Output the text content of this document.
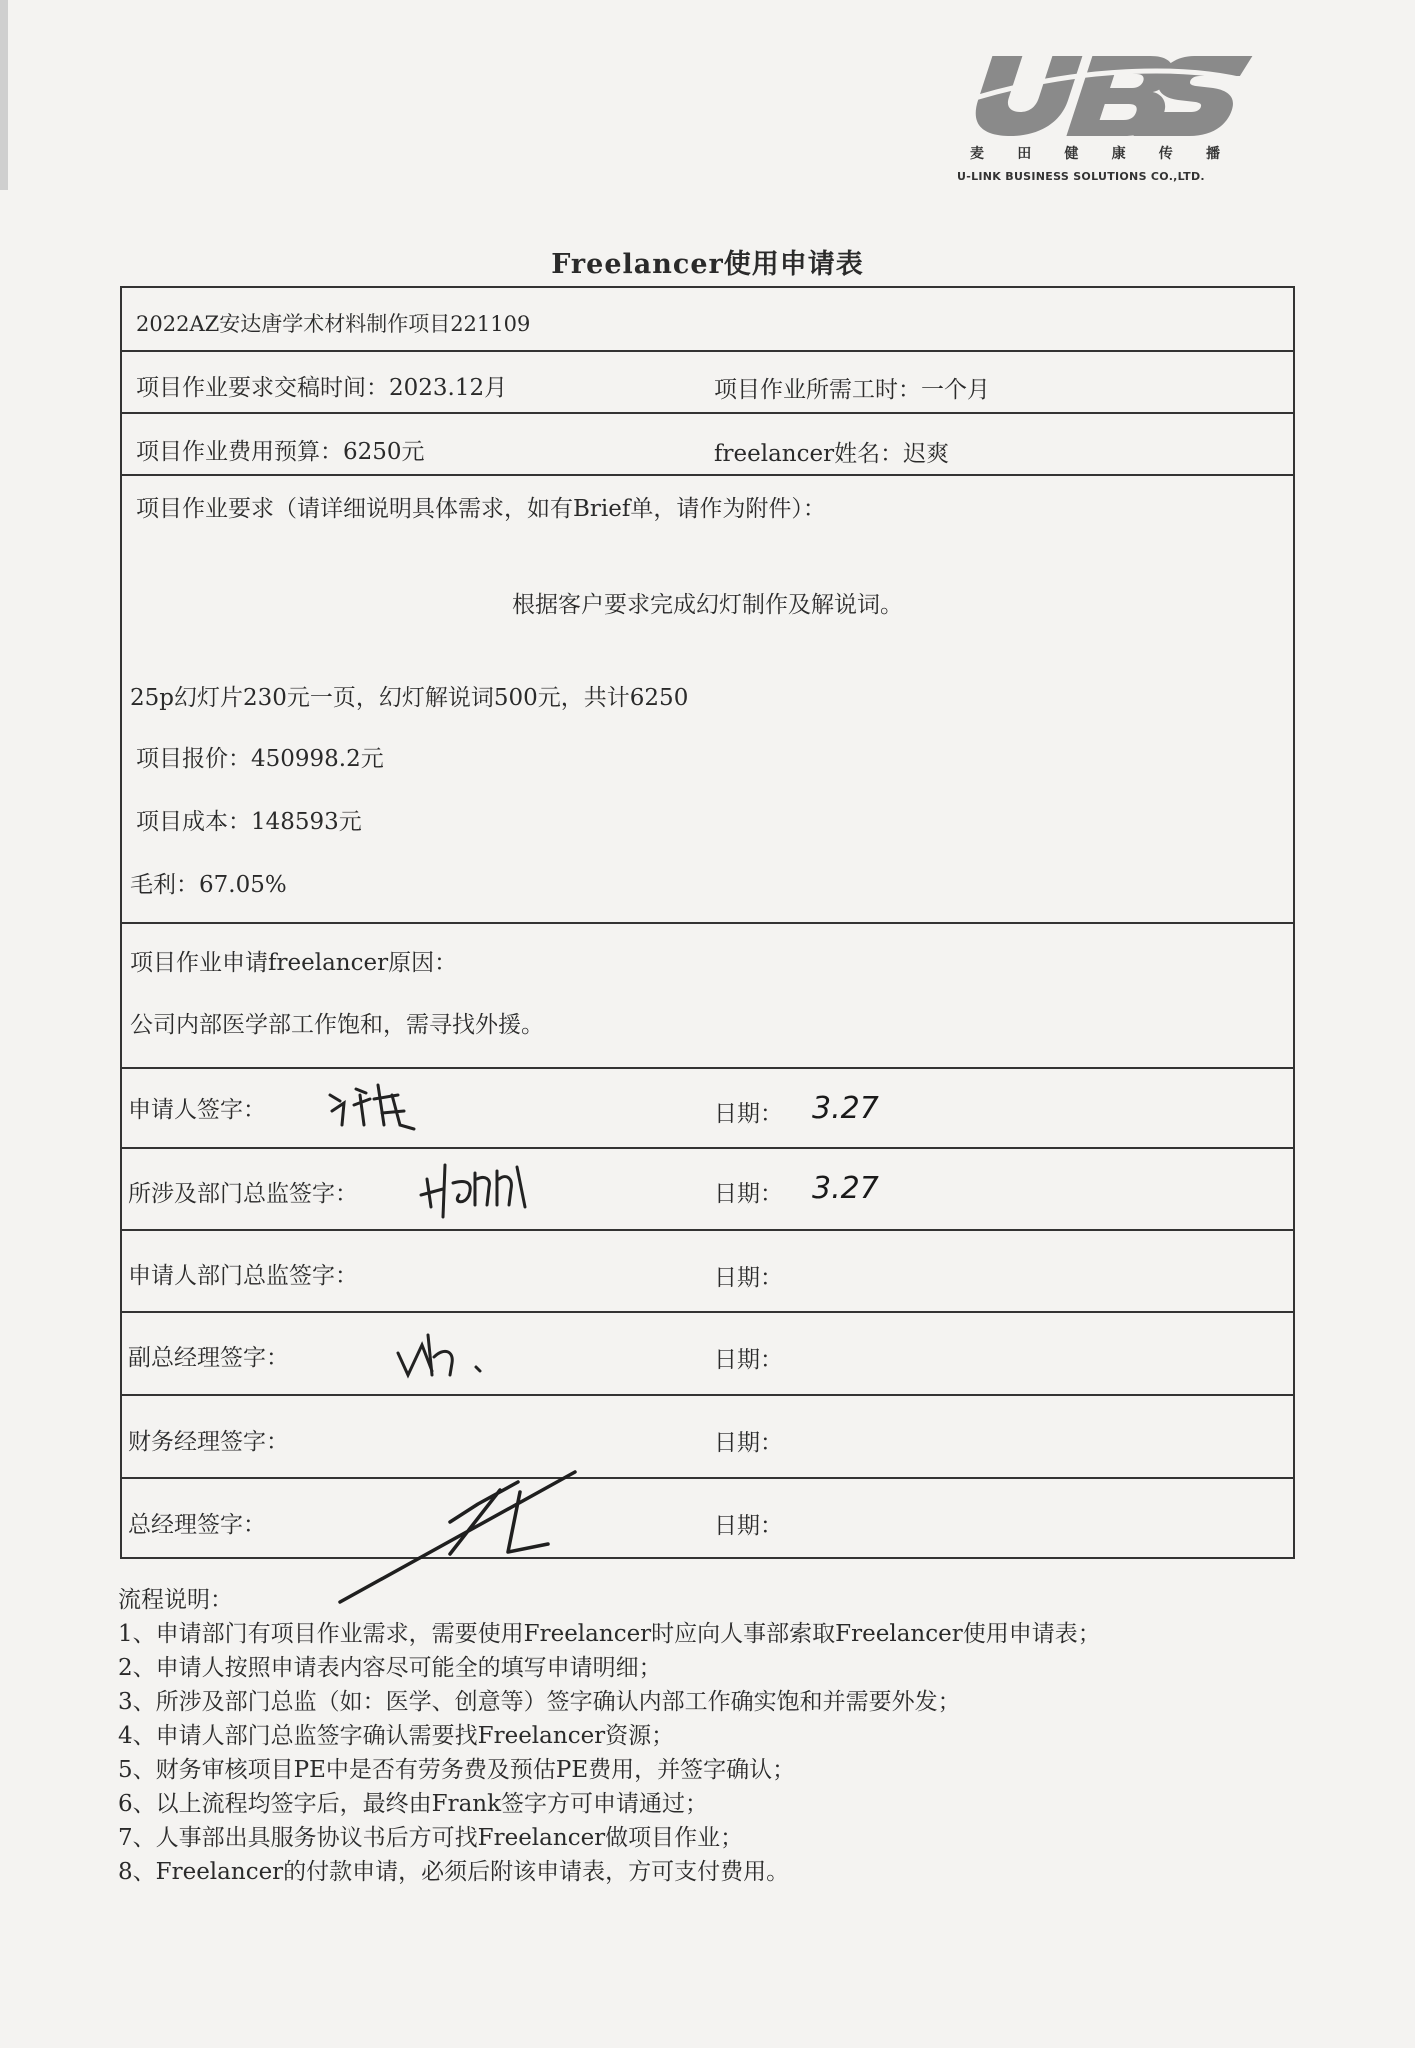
麦 田 健 康 传 播
U-LINK BUSINESS SOLUTIONS CO.,LTD.
Freelancer使用申请表
2022AZ安达唐学术材料制作项目221109
项目作业要求交稿时间：2023.12月	项目作业所需工时：一个月
项目作业费用预算：6250元	freelancer姓名：迟爽
项目作业要求（请详细说明具体需求，如有Brief单，请作为附件）：
根据客户要求完成幻灯制作及解说词。
25p幻灯片230元一页，幻灯解说词500元，共计6250
项目报价：450998.2元
项目成本：148593元
毛利：67.05%
项目作业申请freelancer原因：
公司内部医学部工作饱和，需寻找外援。
申请人签字：	日期： 3.27
所涉及部门总监签字：	日期： 3.27
申请人部门总监签字：	日期：
副总经理签字：	日期：
财务经理签字：	日期：
总经理签字：	日期：
流程说明：
1、申请部门有项目作业需求，需要使用Freelancer时应向人事部索取Freelancer使用申请表；
2、申请人按照申请表内容尽可能全的填写申请明细；
3、所涉及部门总监（如：医学、创意等）签字确认内部工作确实饱和并需要外发；
4、申请人部门总监签字确认需要找Freelancer资源；
5、财务审核项目PE中是否有劳务费及预估PE费用，并签字确认；
6、以上流程均签字后，最终由Frank签字方可申请通过；
7、人事部出具服务协议书后方可找Freelancer做项目作业；
8、Freelancer的付款申请，必须后附该申请表，方可支付费用。
